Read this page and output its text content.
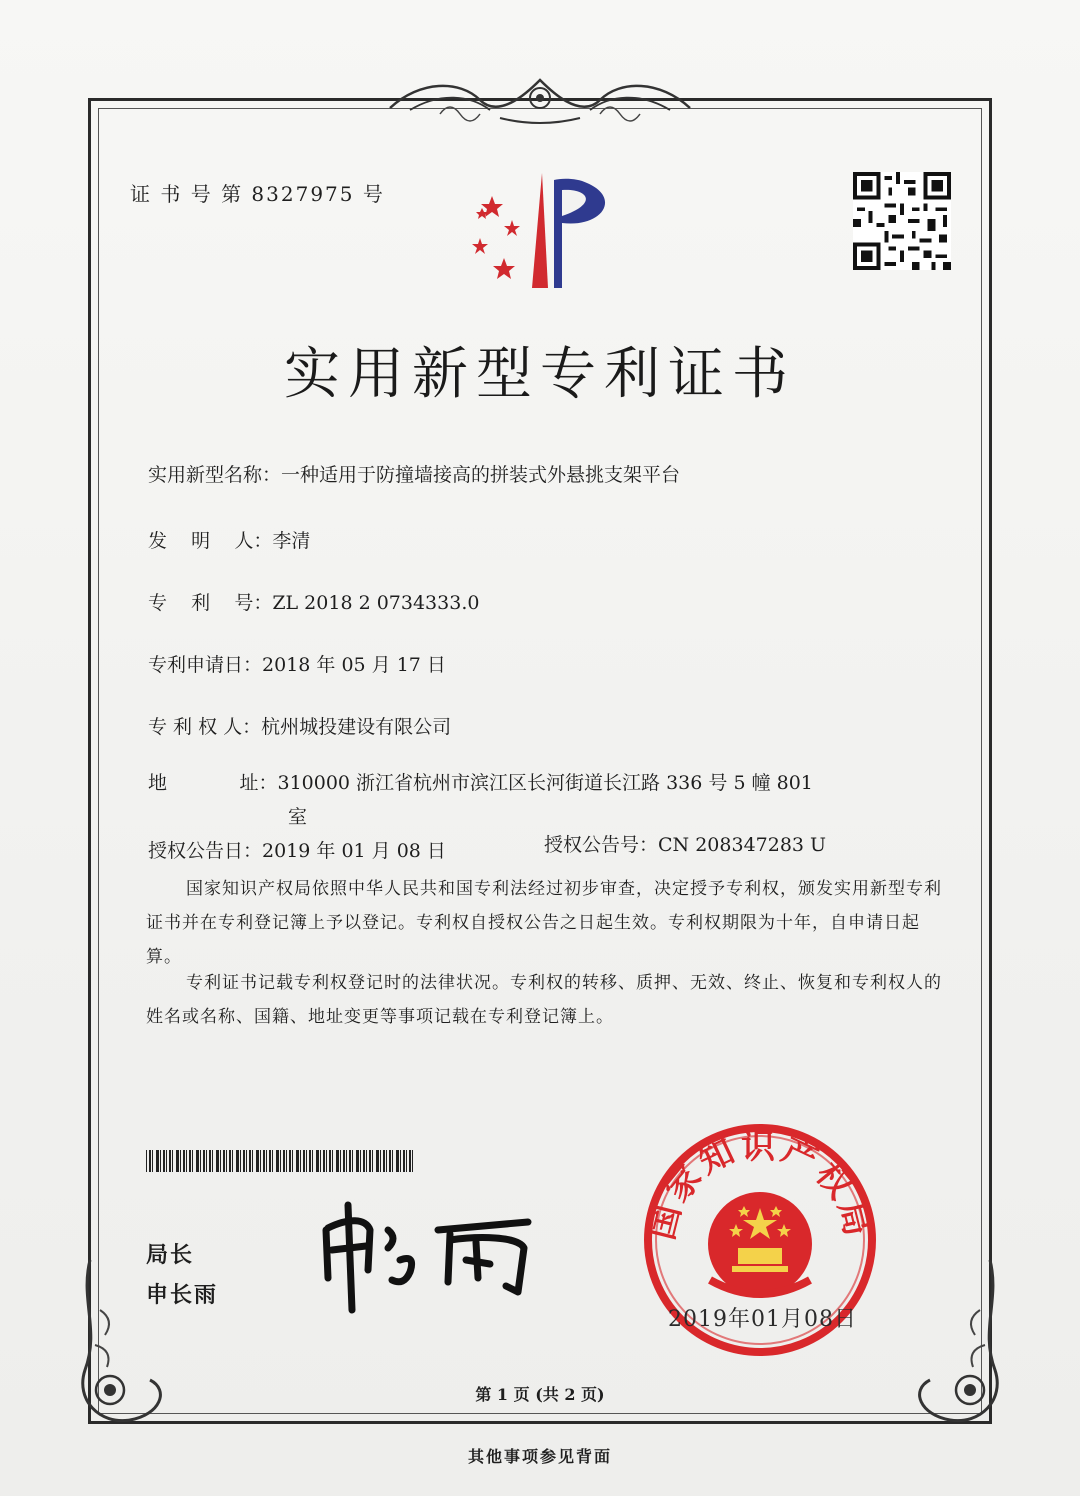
证 书 号 第 8327975 号
实用新型专利证书
实用新型名称：一种适用于防撞墙接高的拼装式外悬挑支架平台
发    明    人：李清
专    利    号：ZL 2018 2 0734333.0
专利申请日：2018 年 05 月 17 日
专 利 权 人：杭州城投建设有限公司
地            址：310000 浙江省杭州市滨江区长河街道长江路 336 号 5 幢 801
室
授权公告日：2019 年 01 月 08 日	授权公告号：CN 208347283 U
国家知识产权局依照中华人民共和国专利法经过初步审查，决定授予专利权，颁发实用新型专利证书并在专利登记簿上予以登记。专利权自授权公告之日起生效。专利权期限为十年，自申请日起算。
专利证书记载专利权登记时的法律状况。专利权的转移、质押、无效、终止、恢复和专利权人的姓名或名称、国籍、地址变更等事项记载在专利登记簿上。
局长
申长雨
国家知识产权局
2019年01月08日
第 1 页 (共 2 页)
其他事项参见背面
